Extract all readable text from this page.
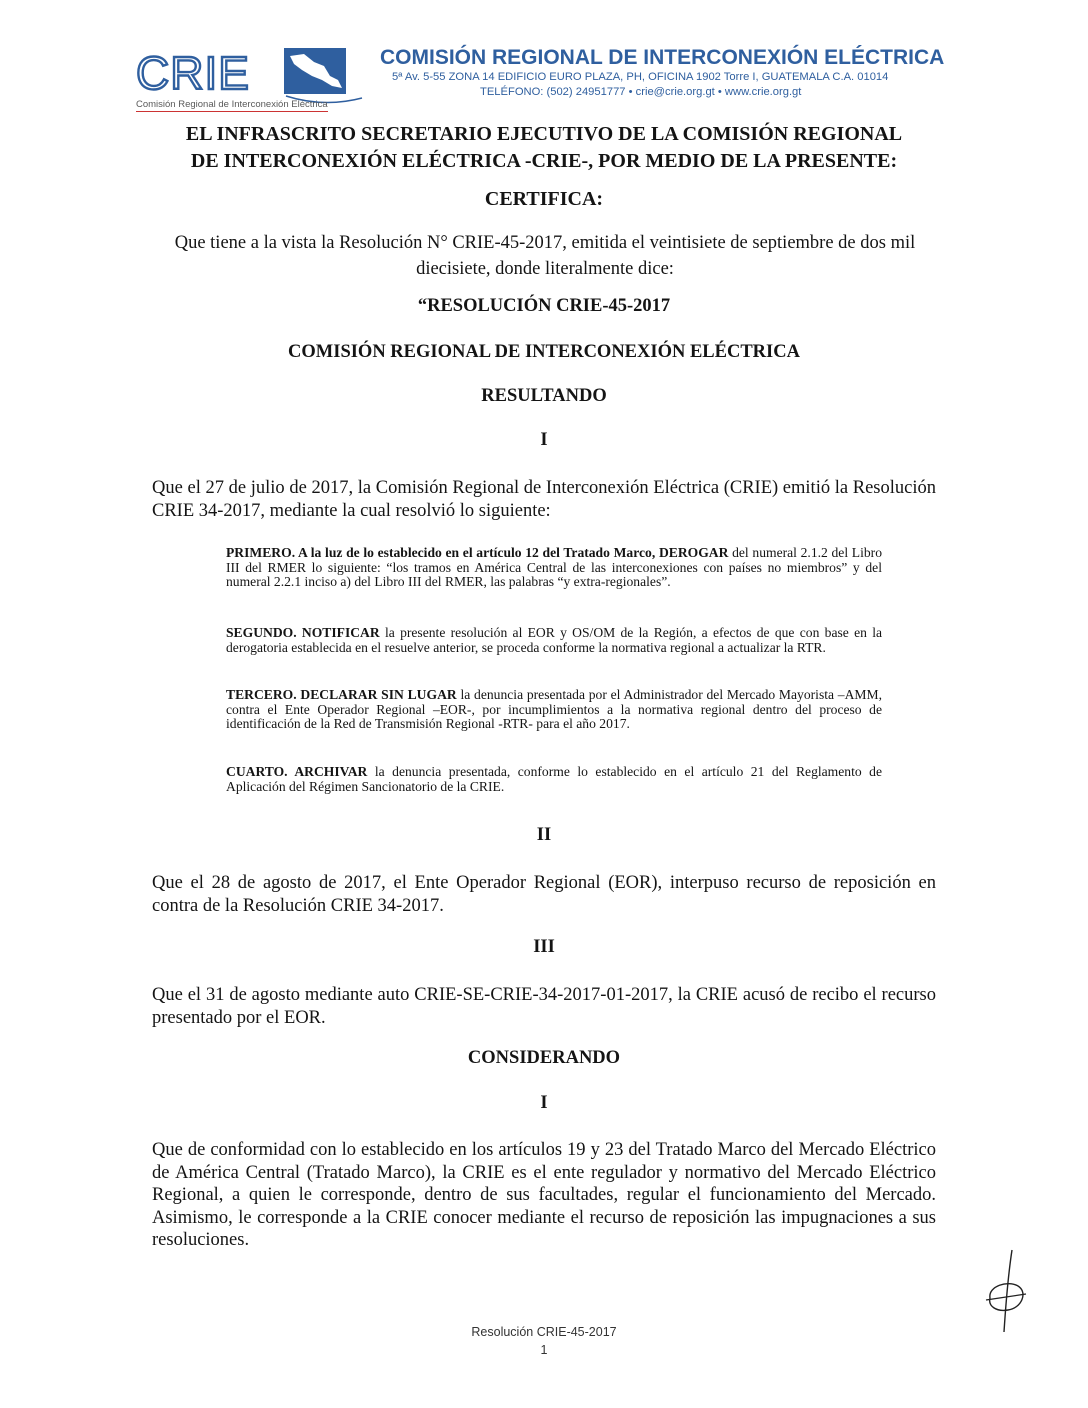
CRIE
Comisión Regional de Interconexión Eléctrica
COMISIÓN REGIONAL DE INTERCONEXIÓN ELÉCTRICA
5ª Av. 5-55 ZONA 14 EDIFICIO EURO PLAZA, PH, OFICINA 1902 Torre I, GUATEMALA C.A. 01014
TELÉFONO: (502) 24951777 • crie@crie.org.gt • www.crie.org.gt
EL INFRASCRITO SECRETARIO EJECUTIVO DE LA COMISIÓN REGIONAL
DE INTERCONEXIÓN ELÉCTRICA -CRIE-, POR MEDIO DE LA PRESENTE:
CERTIFICA:
Que tiene a la vista la Resolución N° CRIE-45-2017, emitida el veintisiete de septiembre de dos mil diecisiete, donde literalmente dice:
“RESOLUCIÓN CRIE-45-2017
COMISIÓN REGIONAL DE INTERCONEXIÓN ELÉCTRICA
RESULTANDO
I
Que el 27 de julio de 2017, la Comisión Regional de Interconexión Eléctrica (CRIE) emitió la Resolución CRIE 34-2017, mediante la cual resolvió lo siguiente:
PRIMERO. A la luz de lo establecido en el artículo 12 del Tratado Marco, DEROGAR del numeral 2.1.2 del Libro III del RMER lo siguiente: “los tramos en América Central de las interconexiones con países no miembros” y del numeral 2.2.1 inciso a) del Libro III del RMER, las palabras “y extra-regionales”.
SEGUNDO. NOTIFICAR la presente resolución al EOR y OS/OM de la Región, a efectos de que con base en la derogatoria establecida en el resuelve anterior, se proceda conforme la normativa regional a actualizar la RTR.
TERCERO. DECLARAR SIN LUGAR la denuncia presentada por el Administrador del Mercado Mayorista –AMM, contra el Ente Operador Regional –EOR-, por incumplimientos a la normativa regional dentro del proceso de identificación de la Red de Transmisión Regional -RTR- para el año 2017.
CUARTO. ARCHIVAR la denuncia presentada, conforme lo establecido en el artículo 21 del Reglamento de Aplicación del Régimen Sancionatorio de la CRIE.
II
Que el 28 de agosto de 2017, el Ente Operador Regional (EOR), interpuso recurso de reposición en contra de la Resolución CRIE 34-2017.
III
Que el 31 de agosto mediante auto CRIE-SE-CRIE-34-2017-01-2017, la CRIE acusó de recibo el recurso presentado por el EOR.
CONSIDERANDO
I
Que de conformidad con lo establecido en los artículos 19 y 23 del Tratado Marco del Mercado Eléctrico de América Central (Tratado Marco), la CRIE es el ente regulador y normativo del Mercado Eléctrico Regional, a quien le corresponde, dentro de sus facultades, regular el funcionamiento del Mercado. Asimismo, le corresponde a la CRIE conocer mediante el recurso de reposición las impugnaciones a sus resoluciones.
Resolución CRIE-45-2017
1
